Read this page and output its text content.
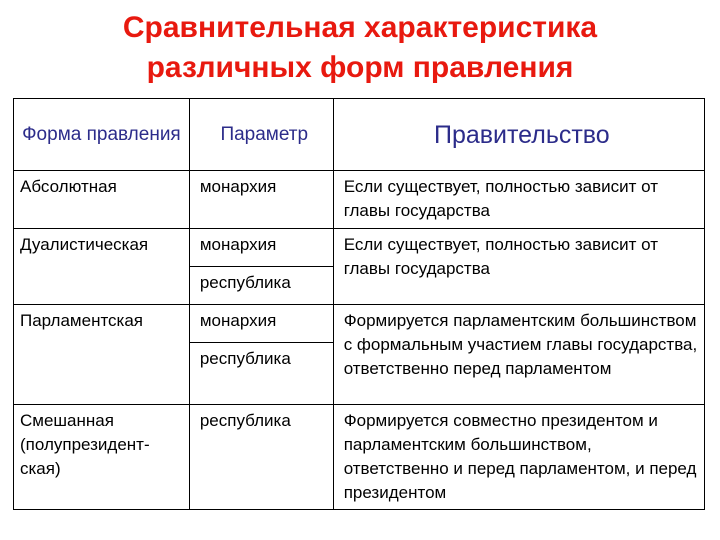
Сравнительная характеристика
различных форм правления
Форма правления	Параметр	Правительство
Абсолютная	монархия	Если существует, полностью зависит от главы государства
Дуалистическая	монархия	Если существует, полностью зависит от главы государства
	республика	
Парламентская	монархия	Формируется парламентским большинством с формальным участием главы государства, ответственно перед парламентом
	республика	
Смешанная (полупрезидент-ская)	республика	Формируется совместно президентом и парламентским большинством, ответственно и перед парламентом, и перед президентом
